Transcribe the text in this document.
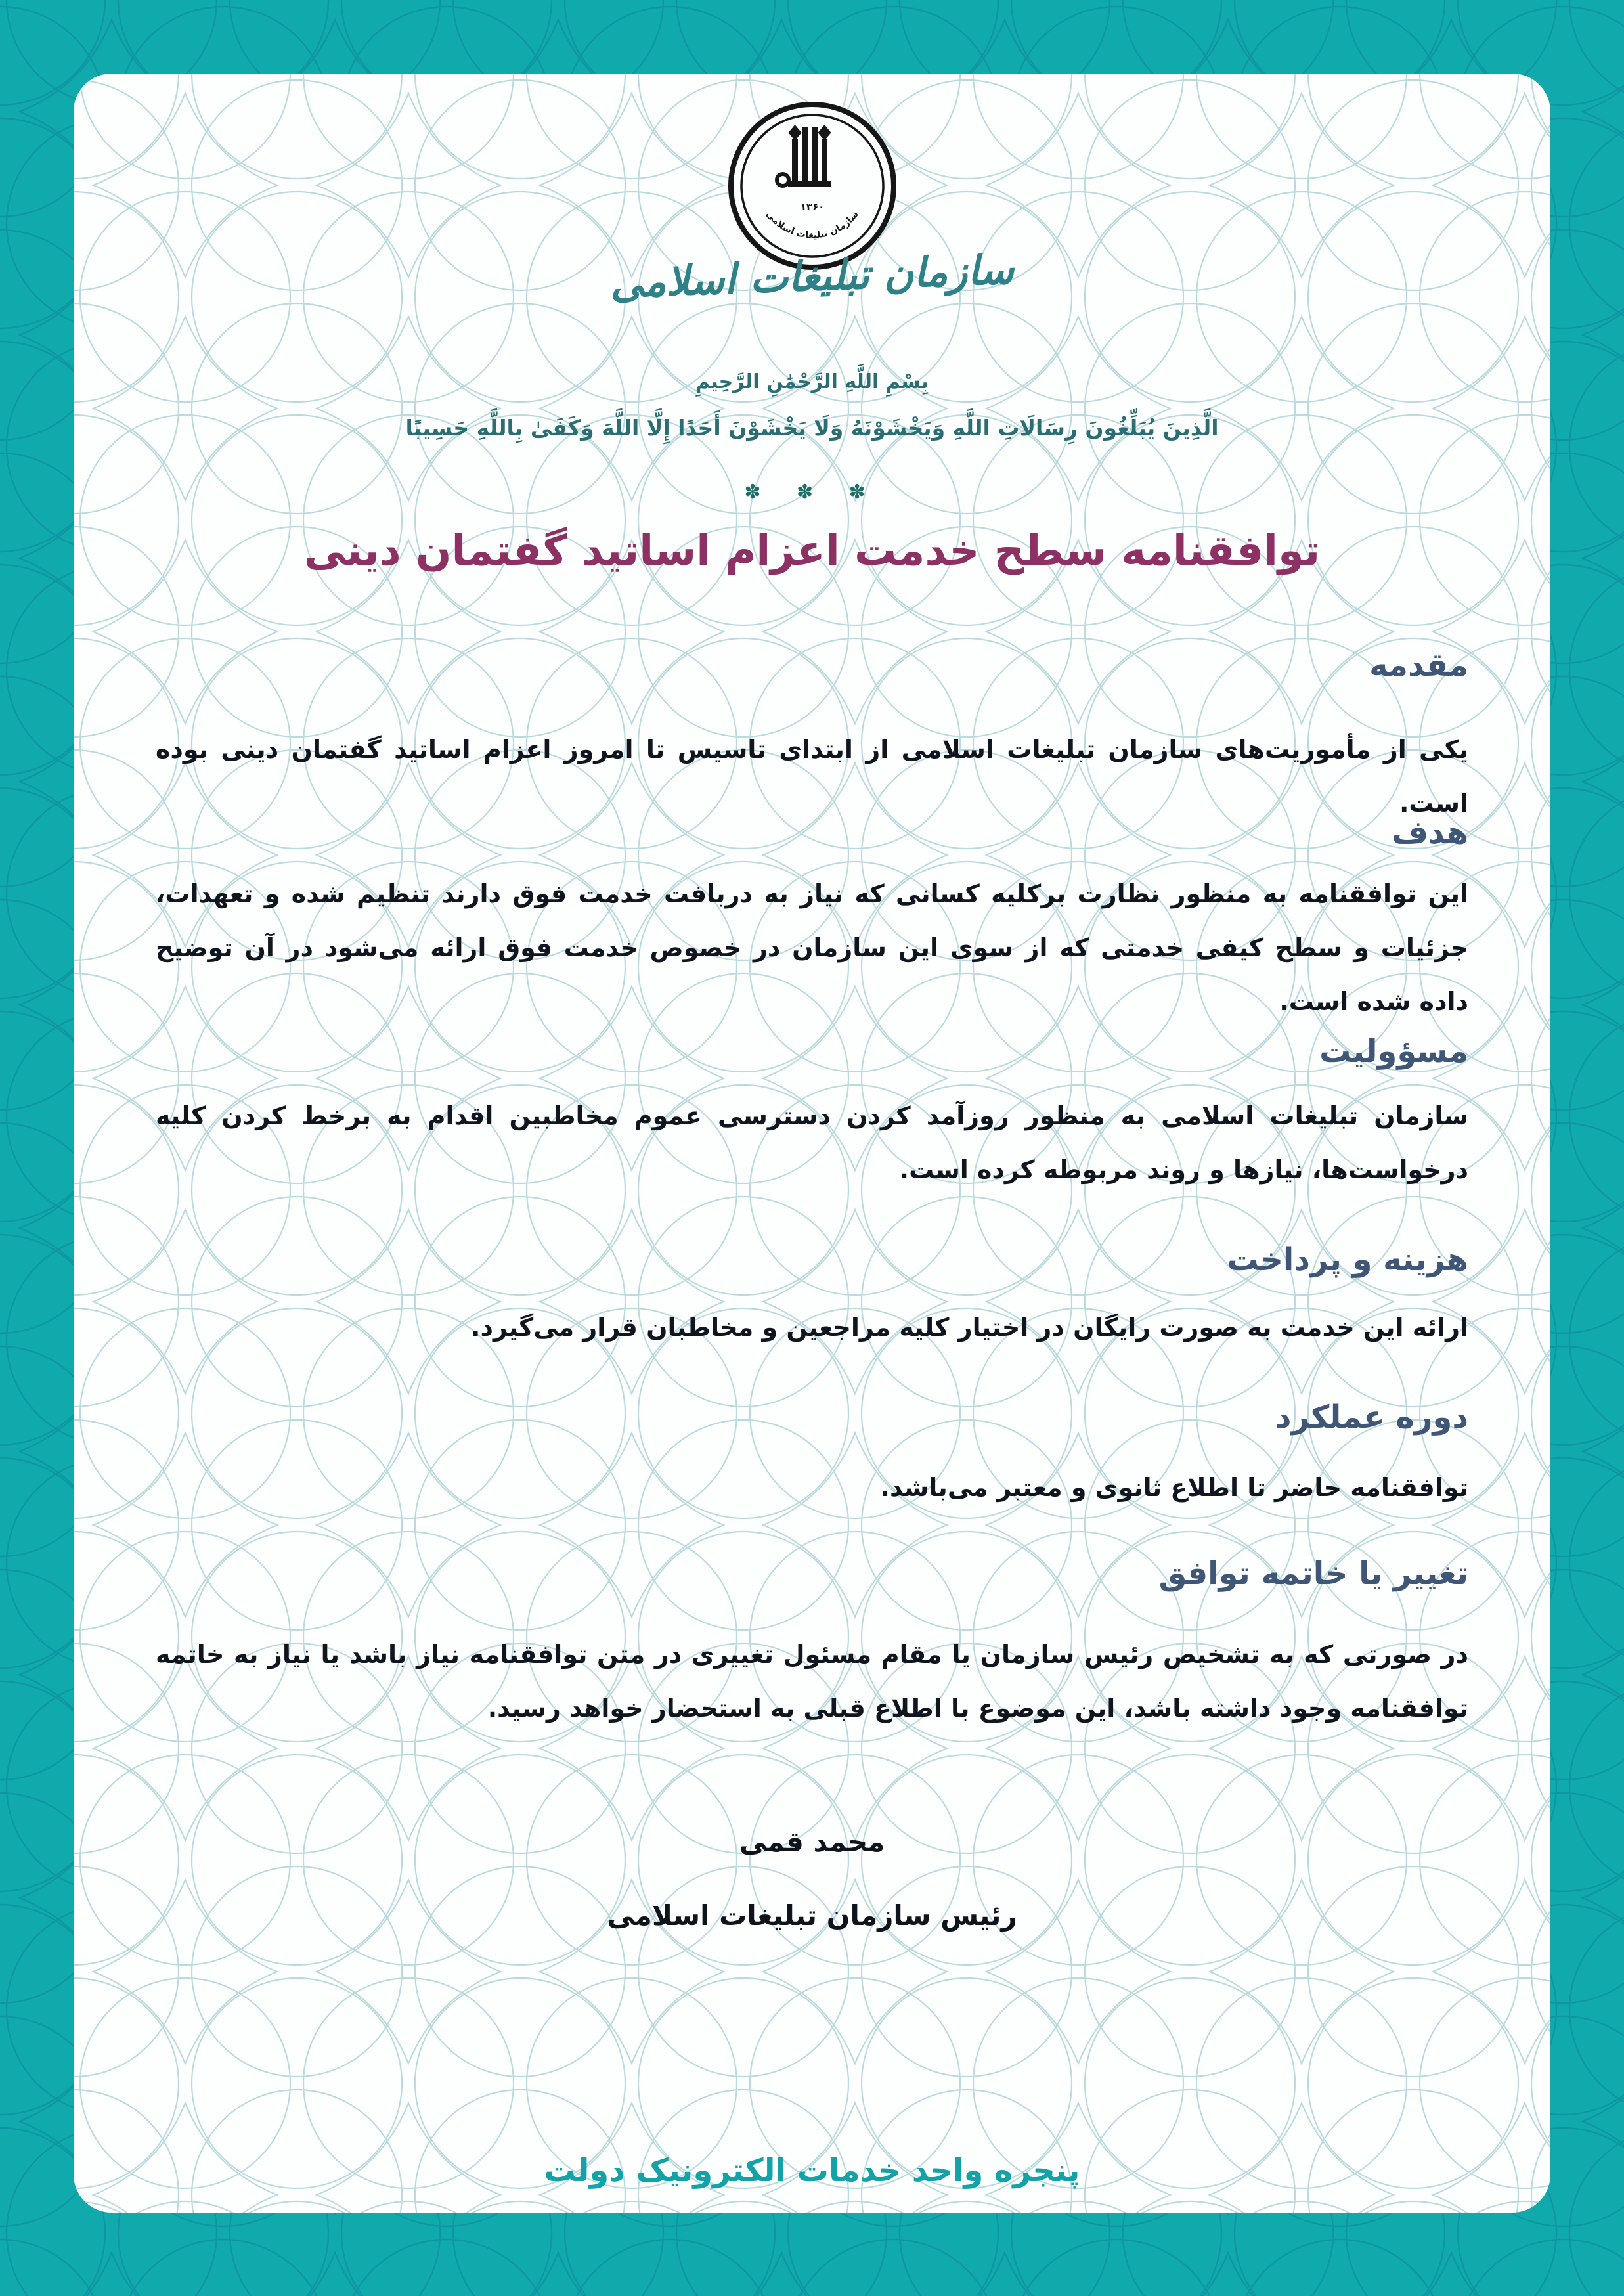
۱۳۶۰
سازمان تبلیغات اسلامی
سازمان تبلیغات اسلامی
بِسْمِ اللَّهِ الرَّحْمَٰنِ الرَّحِيمِ
الَّذِينَ يُبَلِّغُونَ رِسَالَاتِ اللَّهِ وَيَخْشَوْنَهُ وَلَا يَخْشَوْنَ أَحَدًا إِلَّا اللَّهَ وَكَفَىٰ بِاللَّهِ حَسِيبًا
✽ ✽ ✽
توافقنامه سطح خدمت اعزام اساتید گفتمان دینی
مقدمه
یکی از مأموریت‌های سازمان تبلیغات اسلامی از ابتدای تاسیس تا امروز اعزام اساتید گفتمان دینی بوده است.
هدف
این توافقنامه به منظور نظارت برکلیه کسانی که نیاز به دربافت خدمت فوق دارند تنظیم شده و تعهدات، جزئیات و سطح کیفی خدمتی که از سوی این سازمان در خصوص خدمت فوق ارائه می‌شود در آن توضیح داده شده است.
مسؤولیت
سازمان تبلیغات اسلامی به منظور روزآمد کردن دسترسی عموم مخاطبین اقدام به برخط کردن کلیه درخواست‌ها، نیازها و روند مربوطه کرده است.
هزینه و پرداخت
ارائه این خدمت به صورت رایگان در اختیار کلیه مراجعین و مخاطبان قرار می‌گیرد.
دوره عملکرد
توافقنامه حاضر تا اطلاع ثانوی و معتبر می‌باشد.
تغییر یا خاتمه توافق
در صورتی که به تشخیص رئیس سازمان یا مقام مسئول تغییری در متن توافقنامه نیاز باشد یا نیاز به خاتمه توافقنامه وجود داشته باشد، این موضوع با اطلاع قبلی به استحضار خواهد رسید.
محمد قمی
رئیس سازمان تبلیغات اسلامی
پنجره واحد خدمات الکترونیک دولت
